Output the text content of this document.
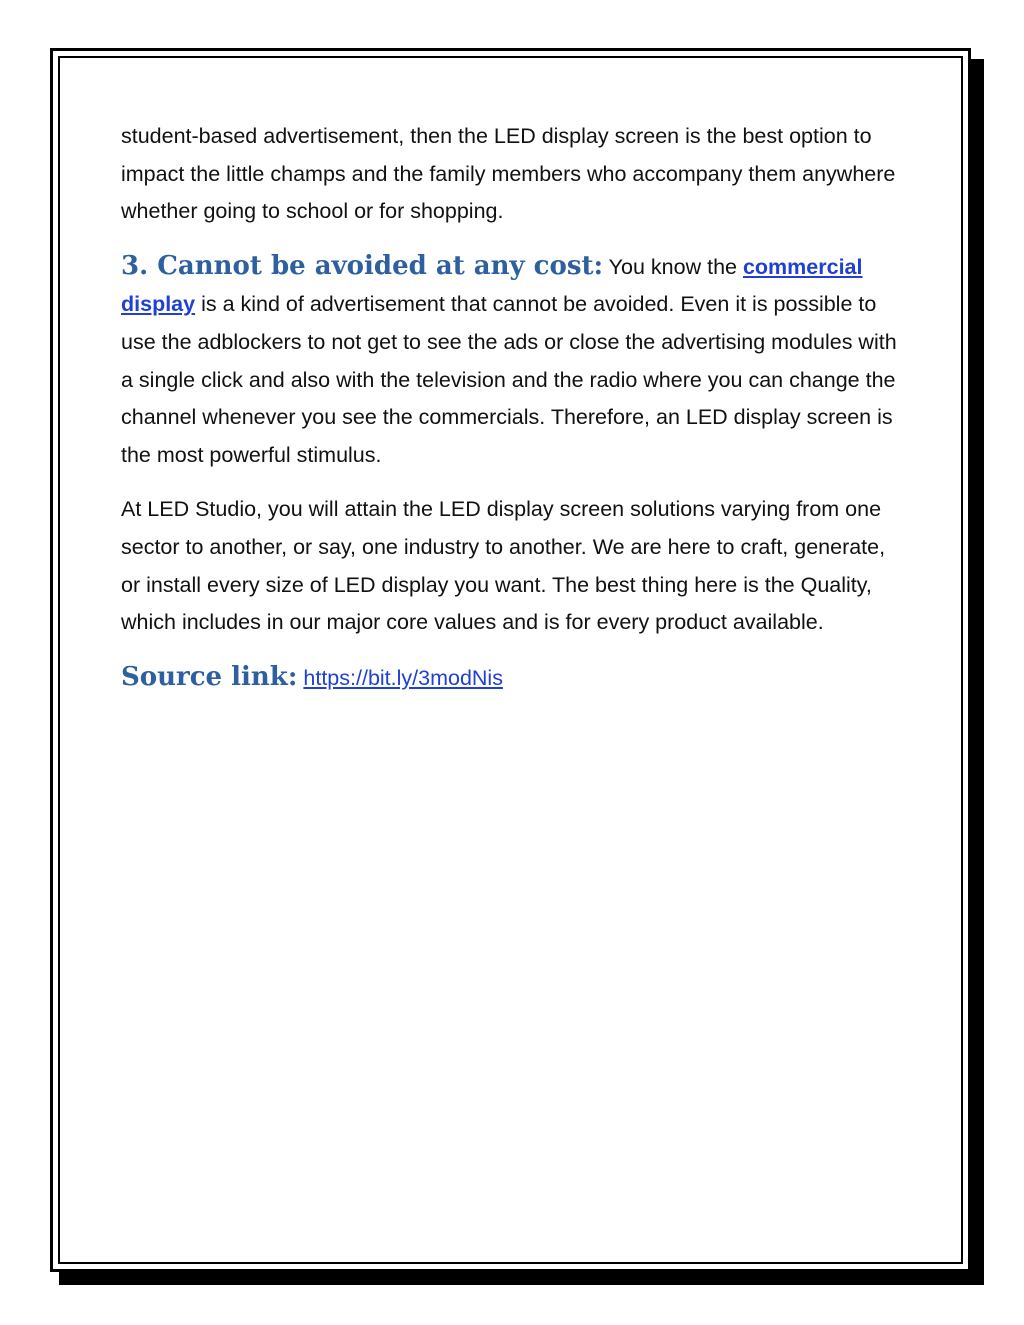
student-based advertisement, then the LED display screen is the best option to impact the little champs and the family members who accompany them anywhere whether going to school or for shopping.

3. Cannot be avoided at any cost: You know the commercial display is a kind of advertisement that cannot be avoided. Even it is possible to use the adblockers to not get to see the ads or close the advertising modules with a single click and also with the television and the radio where you can change the channel whenever you see the commercials. Therefore, an LED display screen is the most powerful stimulus.

At LED Studio, you will attain the LED display screen solutions varying from one sector to another, or say, one industry to another. We are here to craft, generate, or install every size of LED display you want. The best thing here is the Quality, which includes in our major core values and is for every product available.

Source link: https://bit.ly/3modNis
